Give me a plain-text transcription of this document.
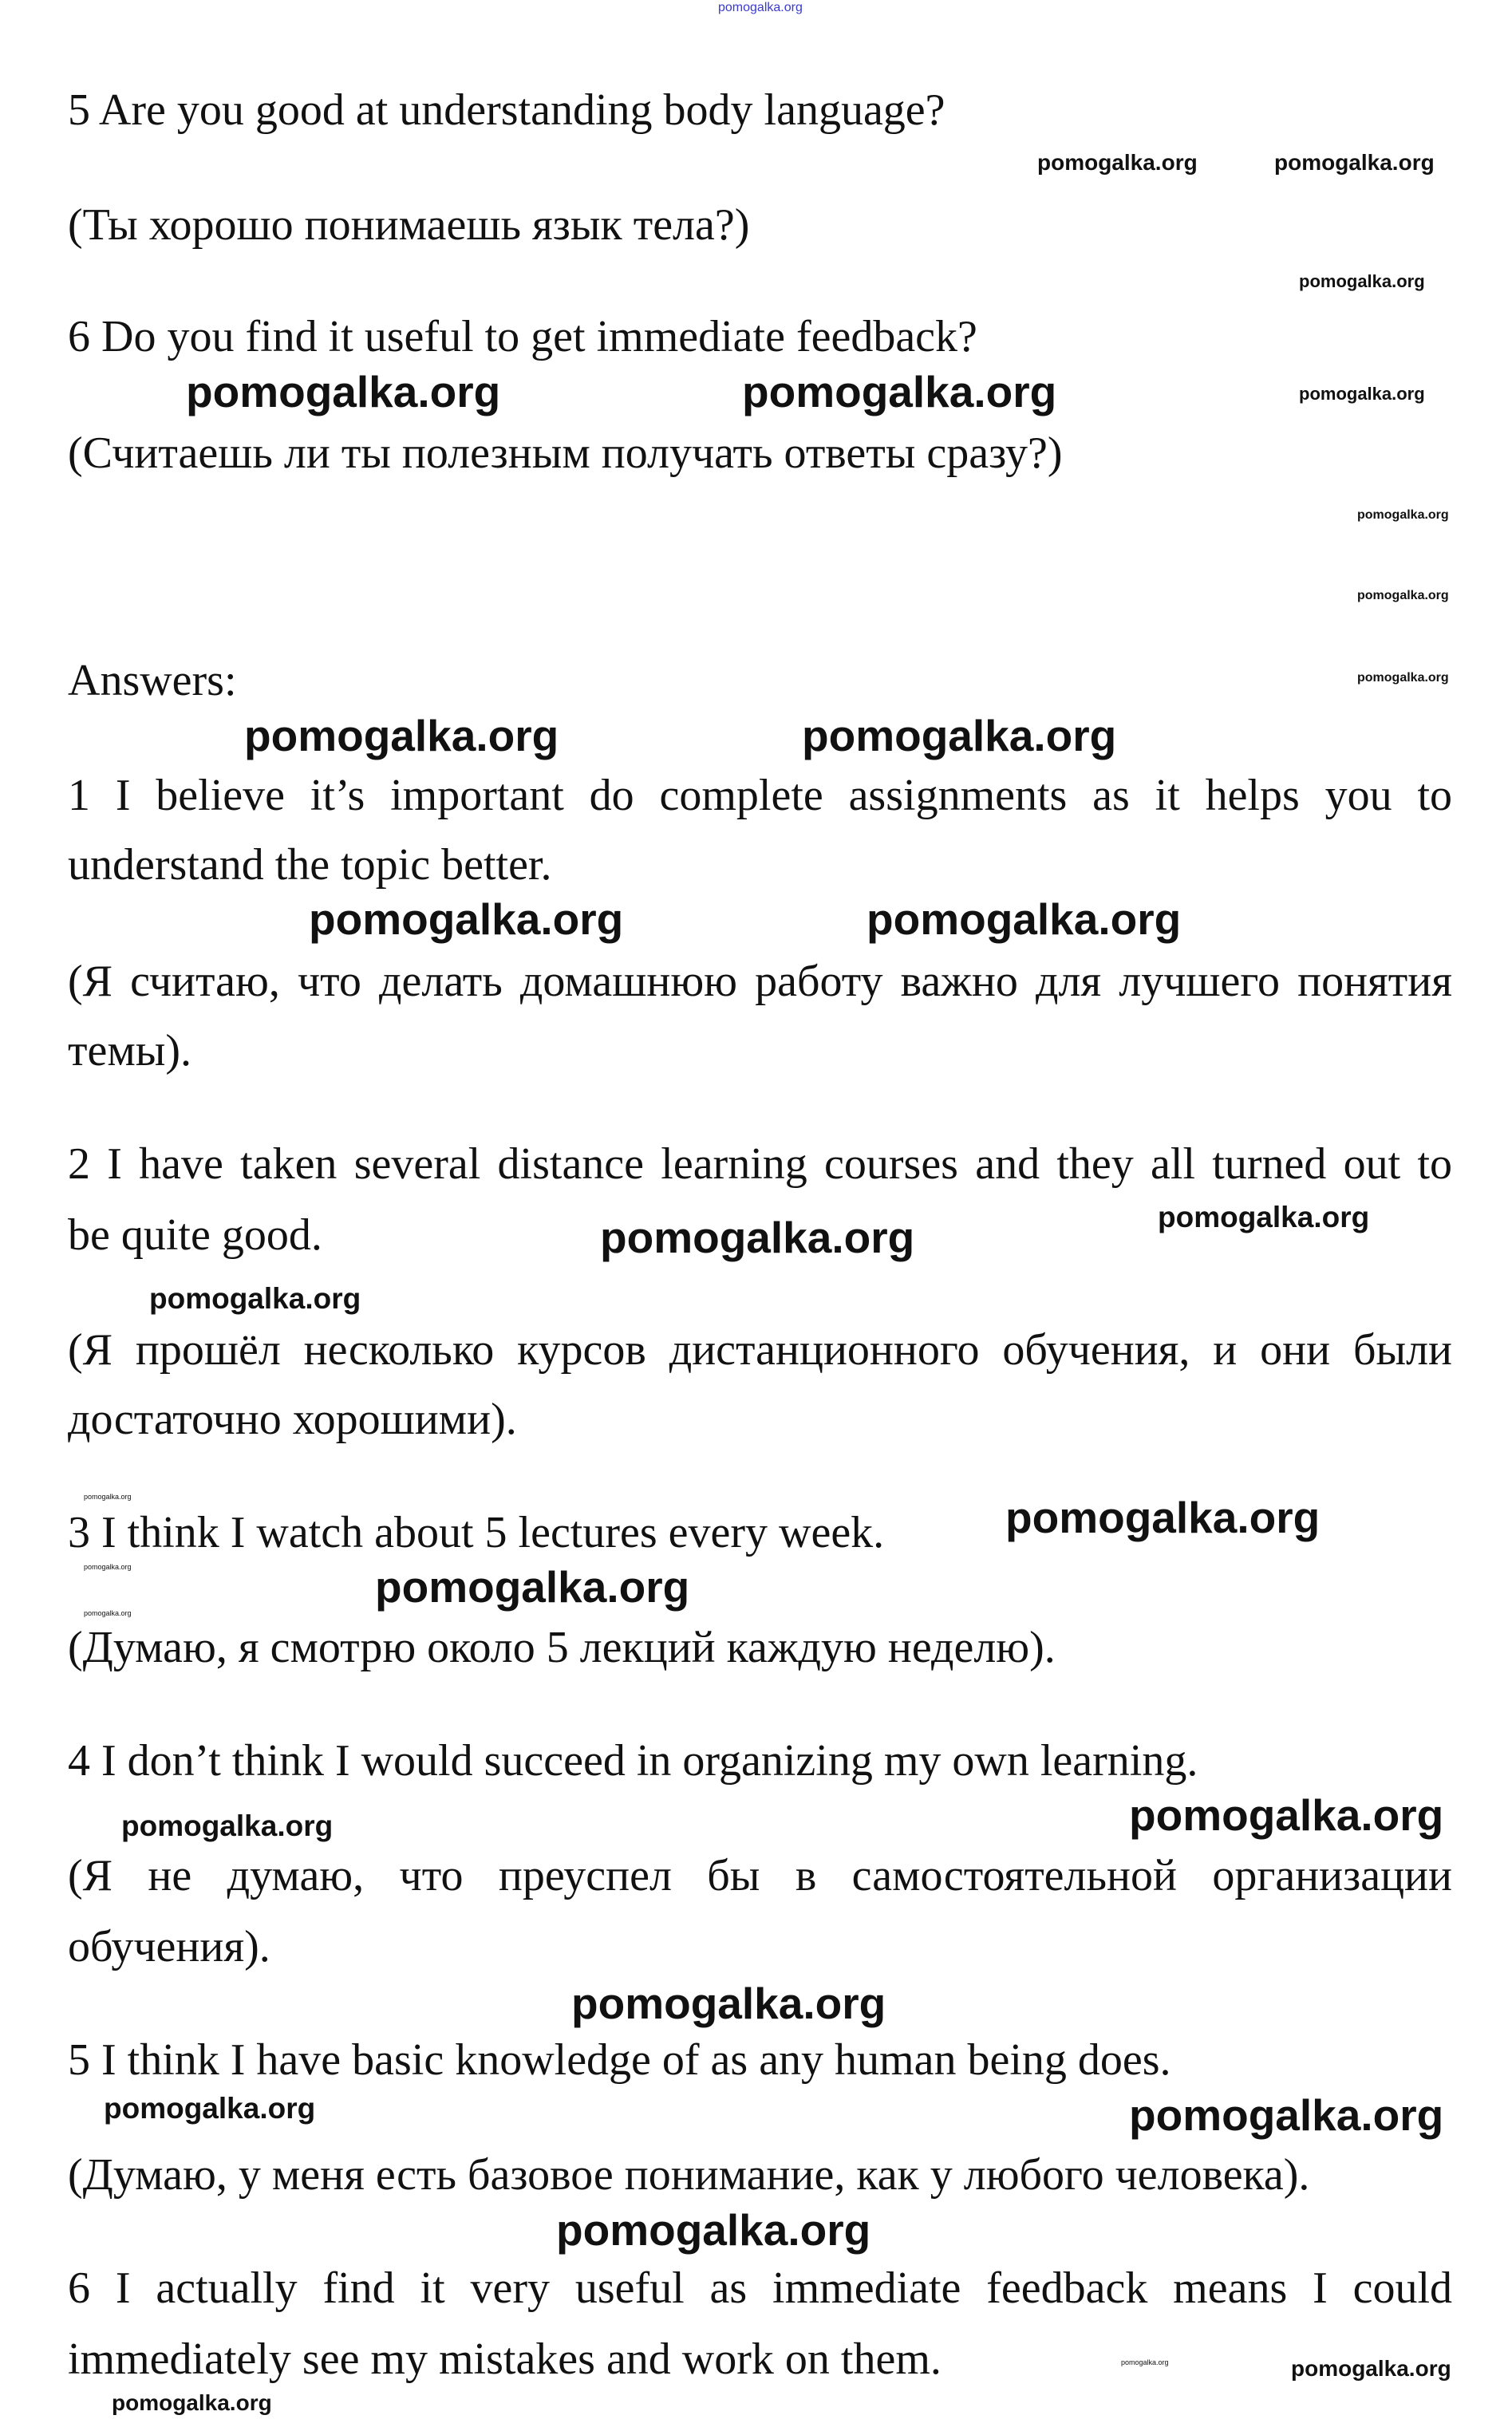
5 Are you good at understanding body language?
(Ты хорошо понимаешь язык тела?)
6 Do you find it useful to get immediate feedback?
(Считаешь ли ты полезным получать ответы сразу?)
Answers:
1 I believe it’s important do complete assignments as it helps you to
understand the topic better.
(Я считаю, что делать домашнюю работу важно для лучшего понятия
темы).
2 I have taken several distance learning courses and they all turned out to
be quite good.
(Я прошёл несколько курсов дистанционного обучения, и они были
достаточно хорошими).
3 I think I watch about 5 lectures every week.
(Думаю, я смотрю около 5 лекций каждую неделю).
4 I don’t think I would succeed in organizing my own learning.
(Я не думаю, что преуспел бы в самостоятельной организации
обучения).
5 I think I have basic knowledge of as any human being does.
(Думаю, у меня есть базовое понимание, как у любого человека).
6 I actually find it very useful as immediate feedback means I could
immediately see my mistakes and work on them.
pomogalka.org
pomogalka.org	pomogalka.org
pomogalka.org
pomogalka.org	pomogalka.org	pomogalka.org
pomogalka.org
pomogalka.org
pomogalka.org
pomogalka.org	pomogalka.org
pomogalka.org	pomogalka.org
pomogalka.org	pomogalka.org
pomogalka.org
pomogalka.org	pomogalka.org
pomogalka.org	pomogalka.org
pomogalka.org
pomogalka.org
pomogalka.org
pomogalka.org
pomogalka.org	pomogalka.org
pomogalka.org
pomogalka.org
pomogalka.org	pomogalka.org
